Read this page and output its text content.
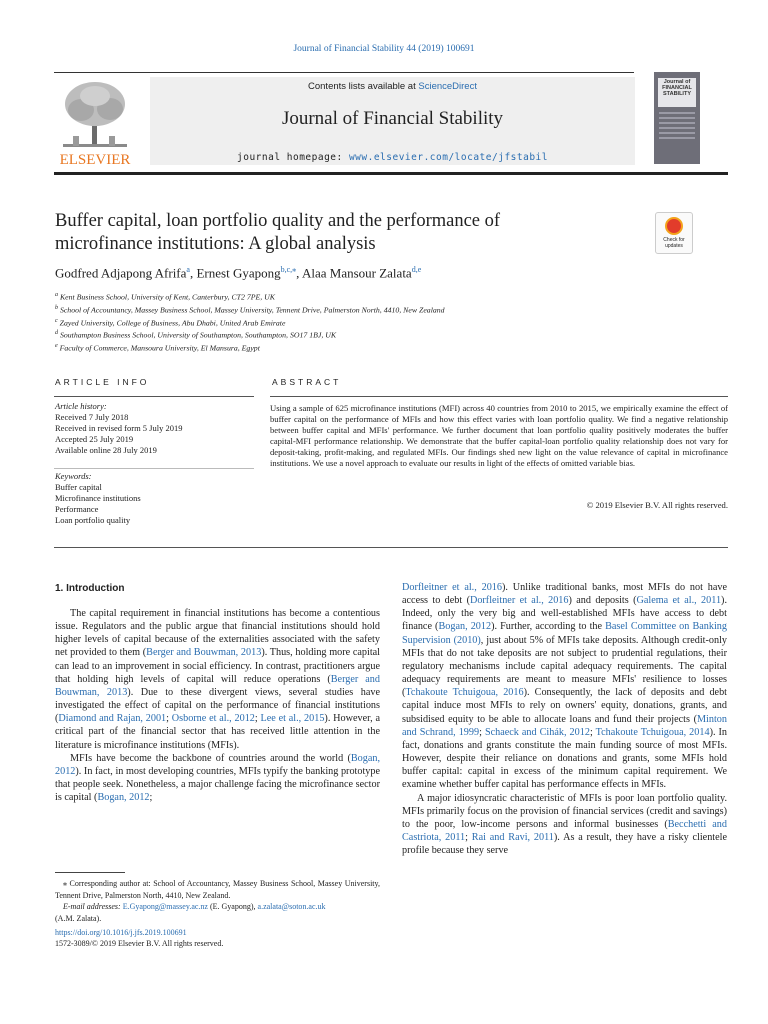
Journal of Financial Stability 44 (2019) 100691
ELSEVIER
Contents lists available at ScienceDirect
Journal of Financial Stability
journal homepage: www.elsevier.com/locate/jfstabil
Journal of FINANCIAL STABILITY
Buffer capital, loan portfolio quality and the performance of
microfinance institutions: A global analysis	Check for updates
Godfred Adjapong Afrifa$^a$, Ernest Gyapong$^{b,c,⁎}$, Alaa Mansour Zalata$^{d,e}$
$^a$ Kent Business School, University of Kent, Canterbury, CT2 7PE, UK
$^b$ School of Accountancy, Massey Business School, Massey University, Tennent Drive, Palmerston North, 4410, New Zealand
$^c$ Zayed University, College of Business, Abu Dhabi, United Arab Emirate
$^d$ Southampton Business School, University of Southampton, Southampton, SO17 1BJ, UK
$^e$ Faculty of Commerce, Mansoura University, El Mansura, Egypt
ARTICLE INFO	ABSTRACT
Article history:
Received 7 July 2018
Received in revised form 5 July 2019
Accepted 25 July 2019
Available online 28 July 2019
Keywords:
Buffer capital
Microfinance institutions
Performance
Loan portfolio quality
Using a sample of 625 microfinance institutions (MFI) across 40 countries from 2010 to 2015, we empirically examine the effect of buffer capital on the performance of MFIs and how this effect varies with loan portfolio quality. We find a negative relationship between buffer capital and MFIs' performance. We further document that loan portfolio quality positively moderates the buffer capital-MFI performance relationship. We demonstrate that the buffer capital-loan portfolio quality relationship does not vary for deposit-taking, profit-making, and regulated MFIs. Our findings shed new light on the value relevance of capital in microfinance institutions. We use a novel approach to evaluate our results in light of the effects of omitted variable bias.
© 2019 Elsevier B.V. All rights reserved.
1. Introduction

The capital requirement in financial institutions has become a contentious issue. Regulators and the public argue that financial institutions should hold higher levels of capital because of the externalities associated with the safety net provided to them (Berger and Bouwman, 2013). Thus, holding more capital can lead to an improvement in social efficiency. In contrast, practitioners argue that holding high levels of capital will reduce operations (Berger and Bouwman, 2013). Due to these divergent views, several studies have investigated the effect of capital on the performance of financial institutions (Diamond and Rajan, 2001; Osborne et al., 2012; Lee et al., 2015). However, a critical part of the financial sector that has received little attention in the literature is microfinance institutions (MFIs).

MFIs have become the backbone of countries around the world (Bogan, 2012). In fact, in most developing countries, MFIs typify the banking prototype that people seek. Nonetheless, a major challenge facing the microfinance sector is capital (Bogan, 2012;

Dorfleitner et al., 2016). Unlike traditional banks, most MFIs do not have access to debt (Dorfleitner et al., 2016) and deposits (Galema et al., 2011). Indeed, only the very big and well-established MFIs have access to debt finance (Bogan, 2012). Further, according to the Basel Committee on Banking Supervision (2010), just about 5% of MFIs take deposits. Although credit-only MFIs that do not take deposits are not subject to prudential regulations, their regulatory mechanisms include capital adequacy requirements. The capital adequacy requirements are meant to measure MFIs' resilience to losses (Tchakoute Tchuigoua, 2016). Consequently, the lack of deposits and debt capital induce most MFIs to rely on owners' equity, donations, grants, and subsidised equity to be able to allocate loans and fund their projects (Minton and Schrand, 1999; Schaeck and Cihák, 2012; Tchakoute Tchuigoua, 2014). In fact, donations and grants constitute the main funding source of most MFIs. However, despite their reliance on donations and grants, some MFIs hold buffer capital: capital in excess of the minimum capital requirement. We examine whether buffer capital has performance effects in MFIs.

A major idiosyncratic characteristic of MFIs is poor loan portfolio quality. MFIs primarily focus on the provision of financial services (credit and savings) to the poor, low-income persons and informal businesses (Becchetti and Castriota, 2011; Rai and Ravi, 2011). As a result, they have a risky clientele profile because they serve

⁎ Corresponding author at: School of Accountancy, Massey Business School, Massey University, Tennent Drive, Palmerston North, 4410, New Zealand.

E-mail addresses: E.Gyapong@massey.ac.nz (E. Gyapong), a.zalata@soton.ac.uk

(A.M. Zalata).
https://doi.org/10.1016/j.jfs.2019.100691
1572-3089/© 2019 Elsevier B.V. All rights reserved.
